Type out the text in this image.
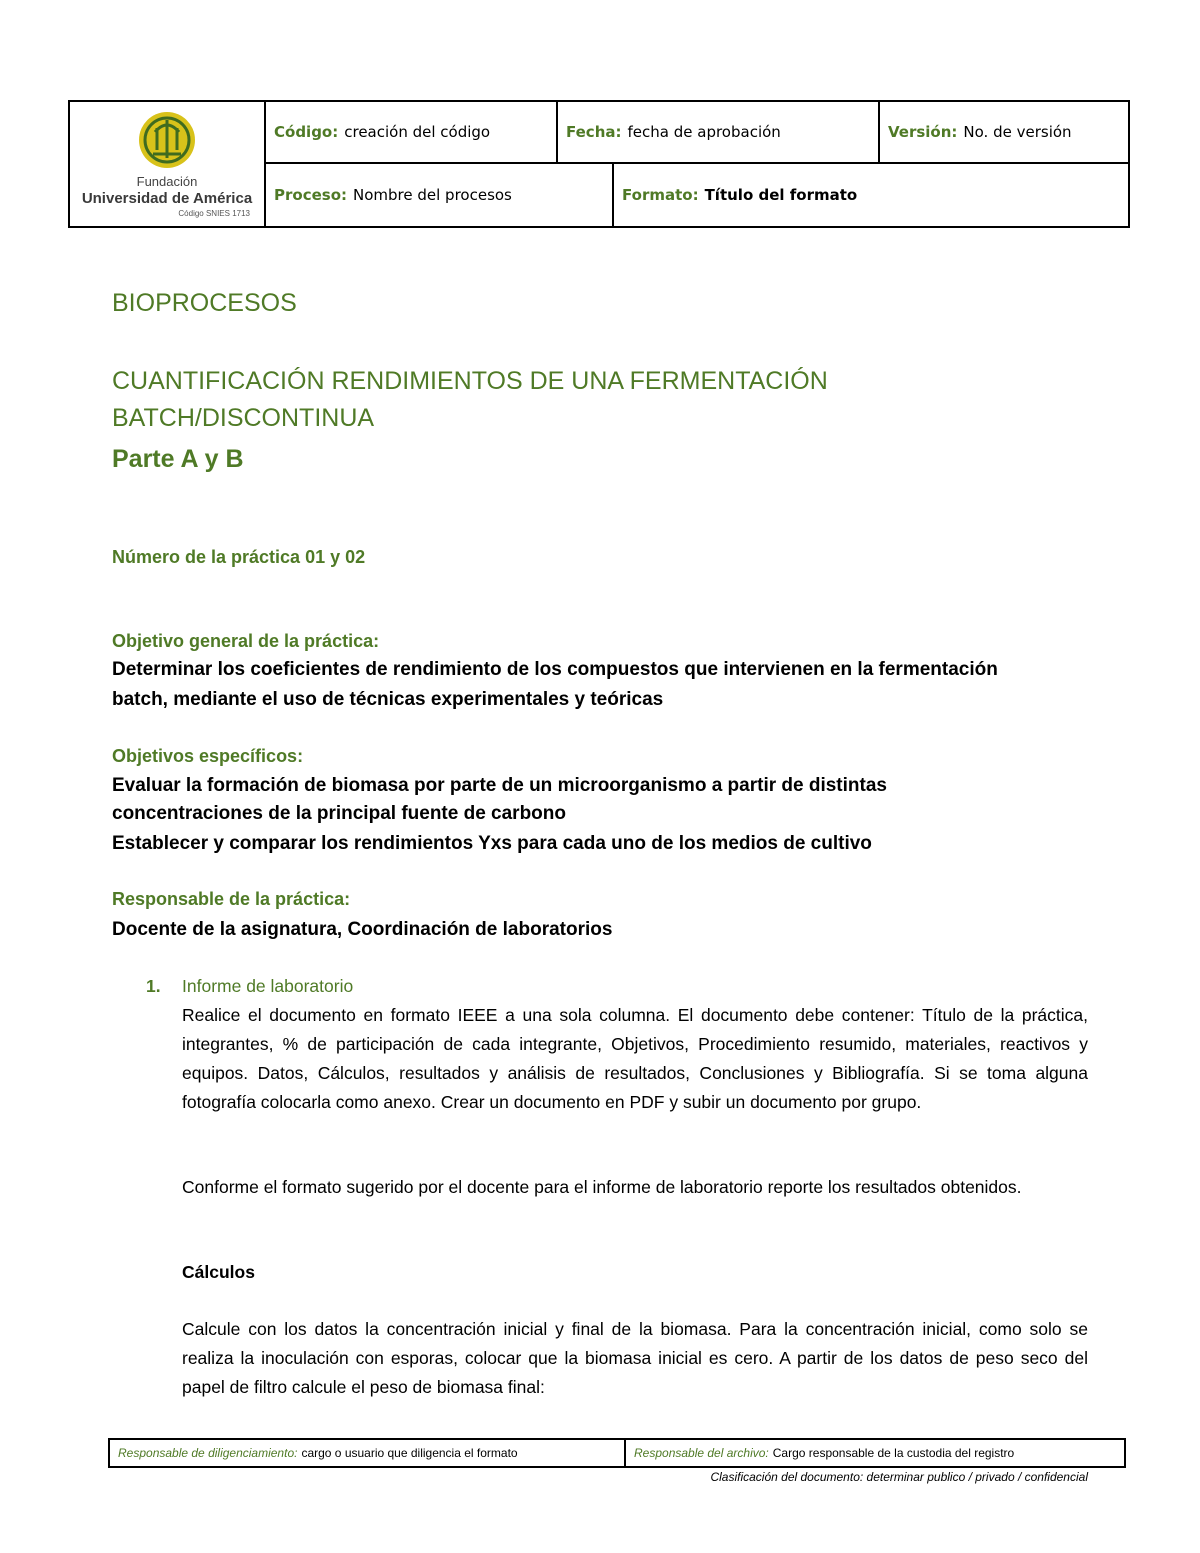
Fundación
Universidad de América
Código SNIES 1713
Código: creación del código	Fecha: fecha de aprobación	Versión: No. de versión
Proceso: Nombre del procesos	Formato: Título del formato
BIOPROCESOS
CUANTIFICACIÓN RENDIMIENTOS DE UNA FERMENTACIÓN
BATCH/DISCONTINUA
Parte A y B
Número de la práctica 01 y 02
Objetivo general de la práctica:
Determinar los coeficientes de rendimiento de los compuestos que intervienen en la fermentación
batch, mediante el uso de técnicas experimentales y teóricas
Objetivos específicos:
Evaluar la formación de biomasa por parte de un microorganismo a partir de distintas
concentraciones de la principal fuente de carbono
Establecer y comparar los rendimientos Yxs para cada uno de los medios de cultivo
Responsable de la práctica:
Docente de la asignatura, Coordinación de laboratorios
1. Informe de laboratorio
Realice el documento en formato IEEE a una sola columna. El documento debe contener: Título de la práctica, integrantes, % de participación de cada integrante, Objetivos, Procedimiento resumido, materiales, reactivos y equipos. Datos, Cálculos, resultados y análisis de resultados, Conclusiones y Bibliografía. Si se toma alguna fotografía colocarla como anexo. Crear un documento en PDF y subir un documento por grupo.
Conforme el formato sugerido por el docente para el informe de laboratorio reporte los resultados obtenidos.
Cálculos
Calcule con los datos la concentración inicial y final de la biomasa. Para la concentración inicial, como solo se realiza la inoculación con esporas, colocar que la biomasa inicial es cero. A partir de los datos de peso seco del papel de filtro calcule el peso de biomasa final:
Responsable de diligenciamiento: cargo o usuario que diligencia el formato	Responsable del archivo: Cargo responsable de la custodia del registro
Clasificación del documento: determinar publico / privado / confidencial
